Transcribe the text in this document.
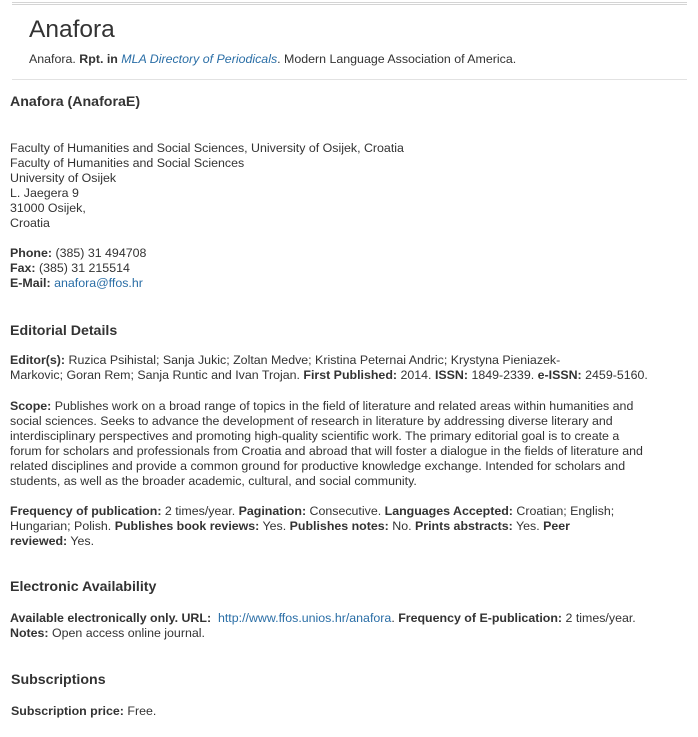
Anafora
Anafora. Rpt. in MLA Directory of Periodicals. Modern Language Association of America.
Anafora (AnaforaE)
Faculty of Humanities and Social Sciences, University of Osijek, Croatia
Faculty of Humanities and Social Sciences
University of Osijek
L. Jaegera 9
31000 Osijek,
Croatia

Phone: (385) 31 494708

Fax: (385) 31 215514

E-Mail: anafora@ffos.hr

Editorial Details

Editor(s): Ruzica Psihistal; Sanja Jukic; Zoltan Medve; Kristina Peternai Andric; Krystyna Pieniazek-

Markovic; Goran Rem; Sanja Runtic and Ivan Trojan. First Published: 2014. ISSN: 1849-2339. e-ISSN: 2459-5160.

Scope: Publishes work on a broad range of topics in the field of literature and related areas within humanities and

social sciences. Seeks to advance the development of research in literature by addressing diverse literary and

interdisciplinary perspectives and promoting high-quality scientific work. The primary editorial goal is to create a

forum for scholars and professionals from Croatia and abroad that will foster a dialogue in the fields of literature and

related disciplines and provide a common ground for productive knowledge exchange. Intended for scholars and

students, as well as the broader academic, cultural, and social community.

Frequency of publication: 2 times/year. Pagination: Consecutive. Languages Accepted: Croatian; English;

Hungarian; Polish. Publishes book reviews: Yes. Publishes notes: No. Prints abstracts: Yes. Peer

reviewed: Yes.

Electronic Availability

Available electronically only. URL: http://www.ffos.unios.hr/anafora. Frequency of E-publication: 2 times/year.

Notes: Open access online journal.

Subscriptions

Subscription price: Free.
